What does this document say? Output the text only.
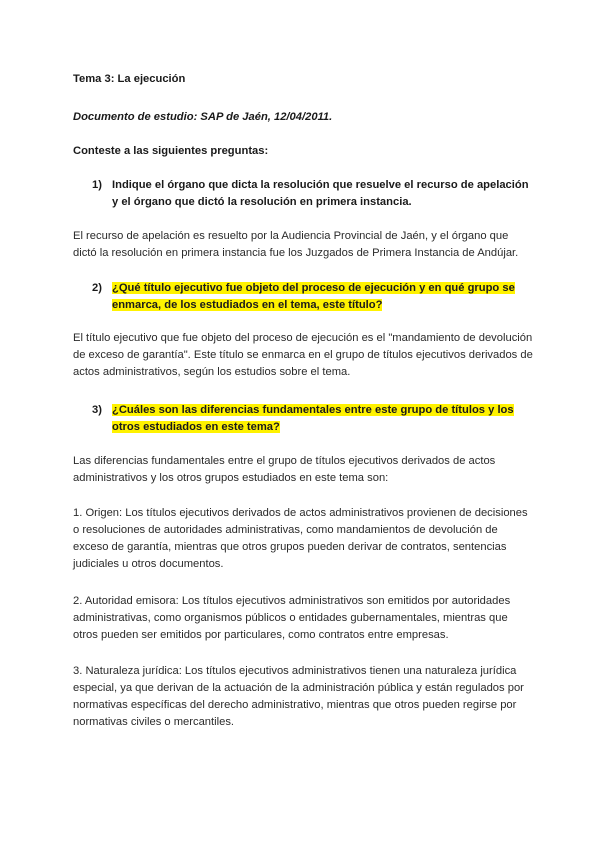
Tema 3: La ejecución

Documento de estudio: SAP de Jaén, 12/04/2011.

Conteste a las siguientes preguntas:

1) Indique el órgano que dicta la resolución que resuelve el recurso de apelación y el órgano que dictó la resolución en primera instancia.

El recurso de apelación es resuelto por la Audiencia Provincial de Jaén, y el órgano que dictó la resolución en primera instancia fue los Juzgados de Primera Instancia de Andújar.

2) ¿Qué título ejecutivo fue objeto del proceso de ejecución y en qué grupo se enmarca, de los estudiados en el tema, este título?

El título ejecutivo que fue objeto del proceso de ejecución es el "mandamiento de devolución de exceso de garantía". Este título se enmarca en el grupo de títulos ejecutivos derivados de actos administrativos, según los estudios sobre el tema.

3) ¿Cuáles son las diferencias fundamentales entre este grupo de títulos y los otros estudiados en este tema?

Las diferencias fundamentales entre el grupo de títulos ejecutivos derivados de actos administrativos y los otros grupos estudiados en este tema son:

1. Origen: Los títulos ejecutivos derivados de actos administrativos provienen de decisiones o resoluciones de autoridades administrativas, como mandamientos de devolución de exceso de garantía, mientras que otros grupos pueden derivar de contratos, sentencias judiciales u otros documentos.

2. Autoridad emisora: Los títulos ejecutivos administrativos son emitidos por autoridades administrativas, como organismos públicos o entidades gubernamentales, mientras que otros pueden ser emitidos por particulares, como contratos entre empresas.

3. Naturaleza jurídica: Los títulos ejecutivos administrativos tienen una naturaleza jurídica especial, ya que derivan de la actuación de la administración pública y están regulados por normativas específicas del derecho administrativo, mientras que otros pueden regirse por normativas civiles o mercantiles.
